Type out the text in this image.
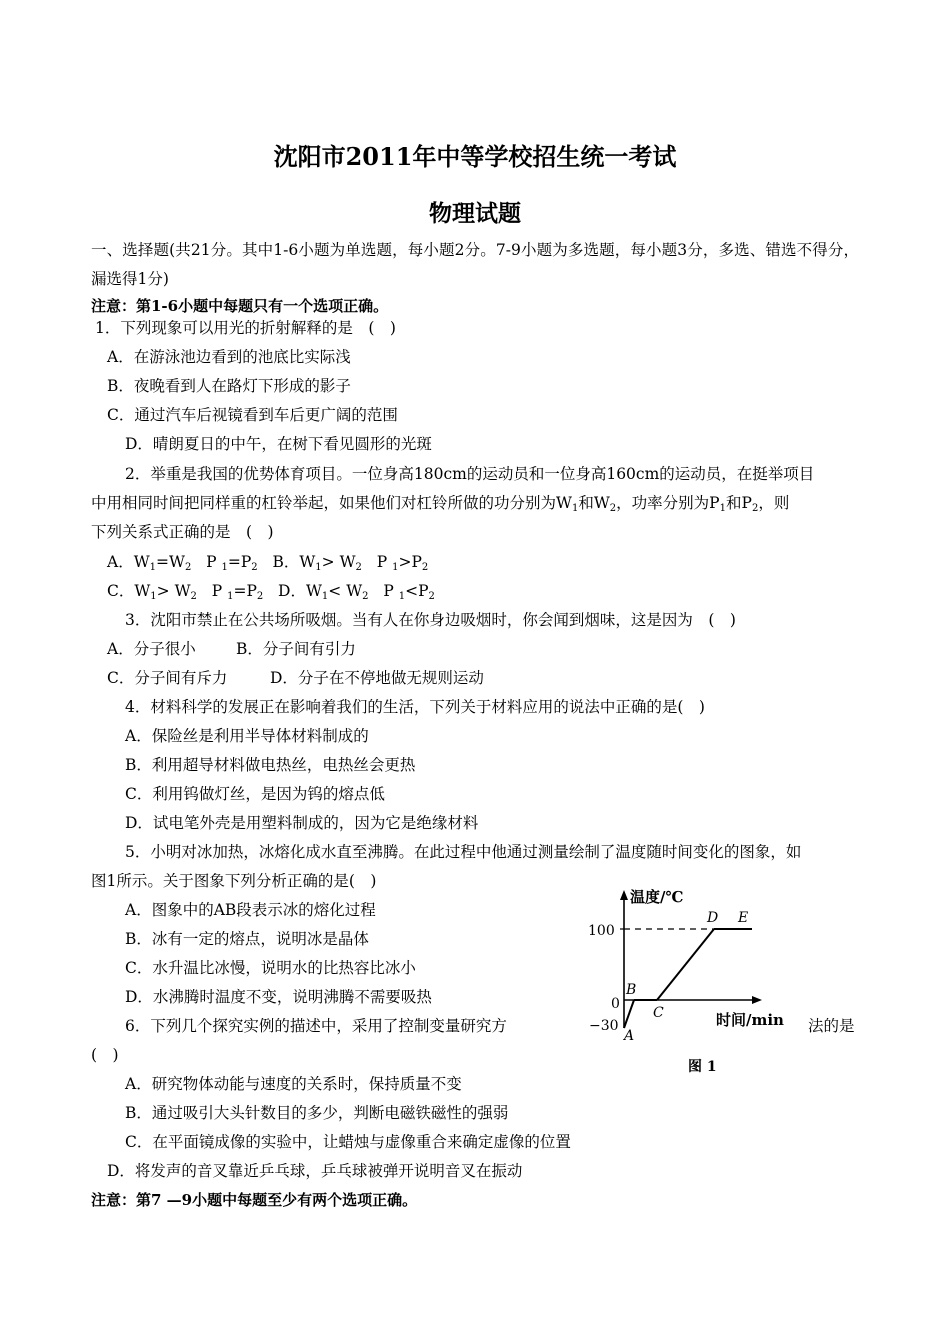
沈阳市2011年中等学校招生统一考试
物理试题
一、选择题(共21分。其中1-6小题为单选题，每小题2分。7-9小题为多选题，每小题3分，多选、错选不得分，漏选得1分)
注意：第1-6小题中每题只有一个选项正确。
1．下列现象可以用光的折射解释的是　(　)
A．在游泳池边看到的池底比实际浅
B．夜晚看到人在路灯下形成的影子
C．通过汽车后视镜看到车后更广阔的范围
D．晴朗夏日的中午，在树下看见圆形的光斑
2．举重是我国的优势体育项目。一位身高180cm的运动员和一位身高160cm的运动员，在挺举项目
中用相同时间把同样重的杠铃举起，如果他们对杠铃所做的功分别为$W_1$和$W_2$，功率分别为$P_1$和$P_2$，则
下列关系式正确的是　(　)
A．$W_1=W_2$ P $_1=P_2$ B．$W_1> W_2$ P $_1>P_2$
C．$W_1> W_2$ P $_1=P_2$ D．$W_1< W_2$ P $_1<P_2$
3．沈阳市禁止在公共场所吸烟。当有人在你身边吸烟时，你会闻到烟味，这是因为　(　)
A．分子很小	B．分子间有引力
C．分子间有斥力	D．分子在不停地做无规则运动
4．材料科学的发展正在影响着我们的生活，下列关于材料应用的说法中正确的是(　)
A．保险丝是利用半导体材料制成的
B．利用超导材料做电热丝，电热丝会更热
C．利用钨做灯丝，是因为钨的熔点低
D．试电笔外壳是用塑料制成的，因为它是绝缘材料
5．小明对冰加热，冰熔化成水直至沸腾。在此过程中他通过测量绘制了温度随时间变化的图象，如
图1所示。关于图象下列分析正确的是(　)
A．图象中的AB段表示冰的熔化过程
B．冰有一定的熔点，说明冰是晶体
C．水升温比冰慢，说明水的比热容比冰小
D．水沸腾时温度不变，说明沸腾不需要吸热
6．下列几个探究实例的描述中，采用了控制变量研究方	法的是
(　)
A．研究物体动能与速度的关系时，保持质量不变
B．通过吸引大头针数目的多少，判断电磁铁磁性的强弱
C．在平面镜成像的实验中，让蜡烛与虚像重合来确定虚像的位置
D．将发声的音叉靠近乒乓球，乒乓球被弹开说明音叉在振动
注意：第7 —9小题中每题至少有两个选项正确。
温度/℃
100
0
−30
A
B
C
D E
时间/min
图 1
